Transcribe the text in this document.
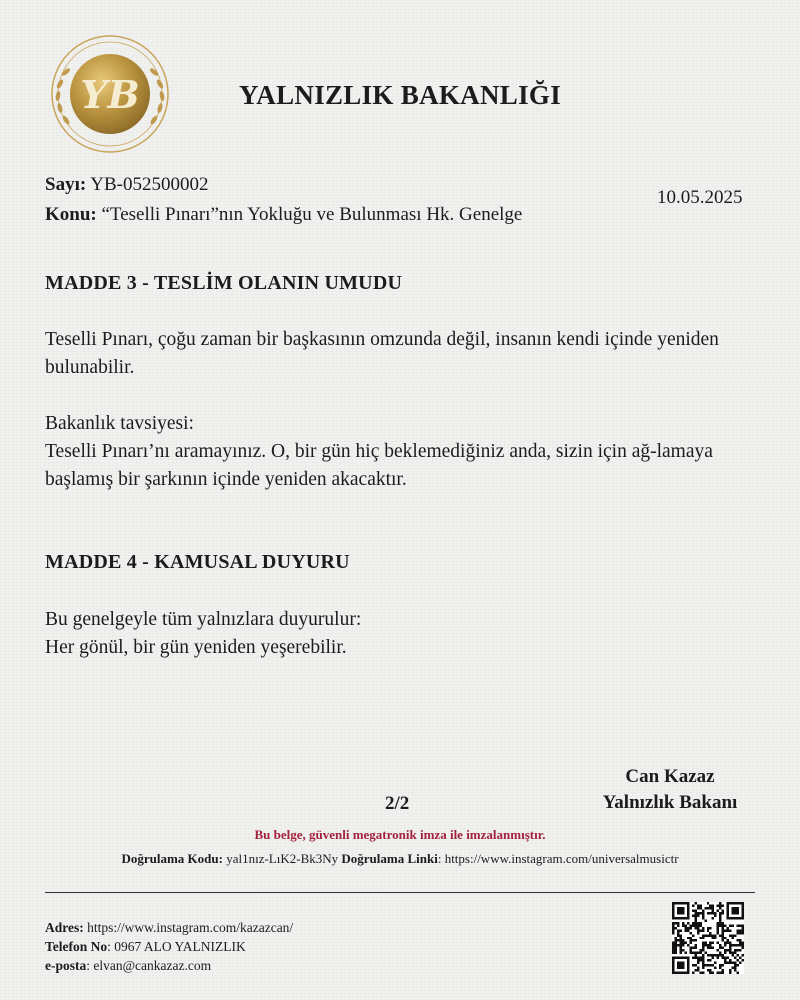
YB	YALNIZLIK BAKANLIĞI
Sayı: YB-052500002
Konu: “Teselli Pınarı”nın Yokluğu ve Bulunması Hk. Genelge
10.05.2025
MADDE 3 - TESLİM OLANIN UMUDU
Teselli Pınarı, çoğu zaman bir başkasının omzunda değil, insanın kendi içinde yeniden bulunabilir.
Bakanlık tavsiyesi:
Teselli Pınarı’nı aramayınız. O, bir gün hiç beklemediğiniz anda, sizin için ağ-lamaya başlamış bir şarkının içinde yeniden akacaktır.
MADDE 4 - KAMUSAL DUYURU
Bu genelgeyle tüm yalnızlara duyurulur:
Her gönül, bir gün yeniden yeşerebilir.
Can Kazaz
Yalnızlık Bakanı
2/2
Bu belge, güvenli megatronik imza ile imzalanmıştır.
Doğrulama Kodu: yal1nız-LıK2-Bk3Ny Doğrulama Linki: https://www.instagram.com/universalmusictr
Adres: https://www.instagram.com/kazazcan/
Telefon No: 0967 ALO YALNIZLIK
e-posta: elvan@cankazaz.com
